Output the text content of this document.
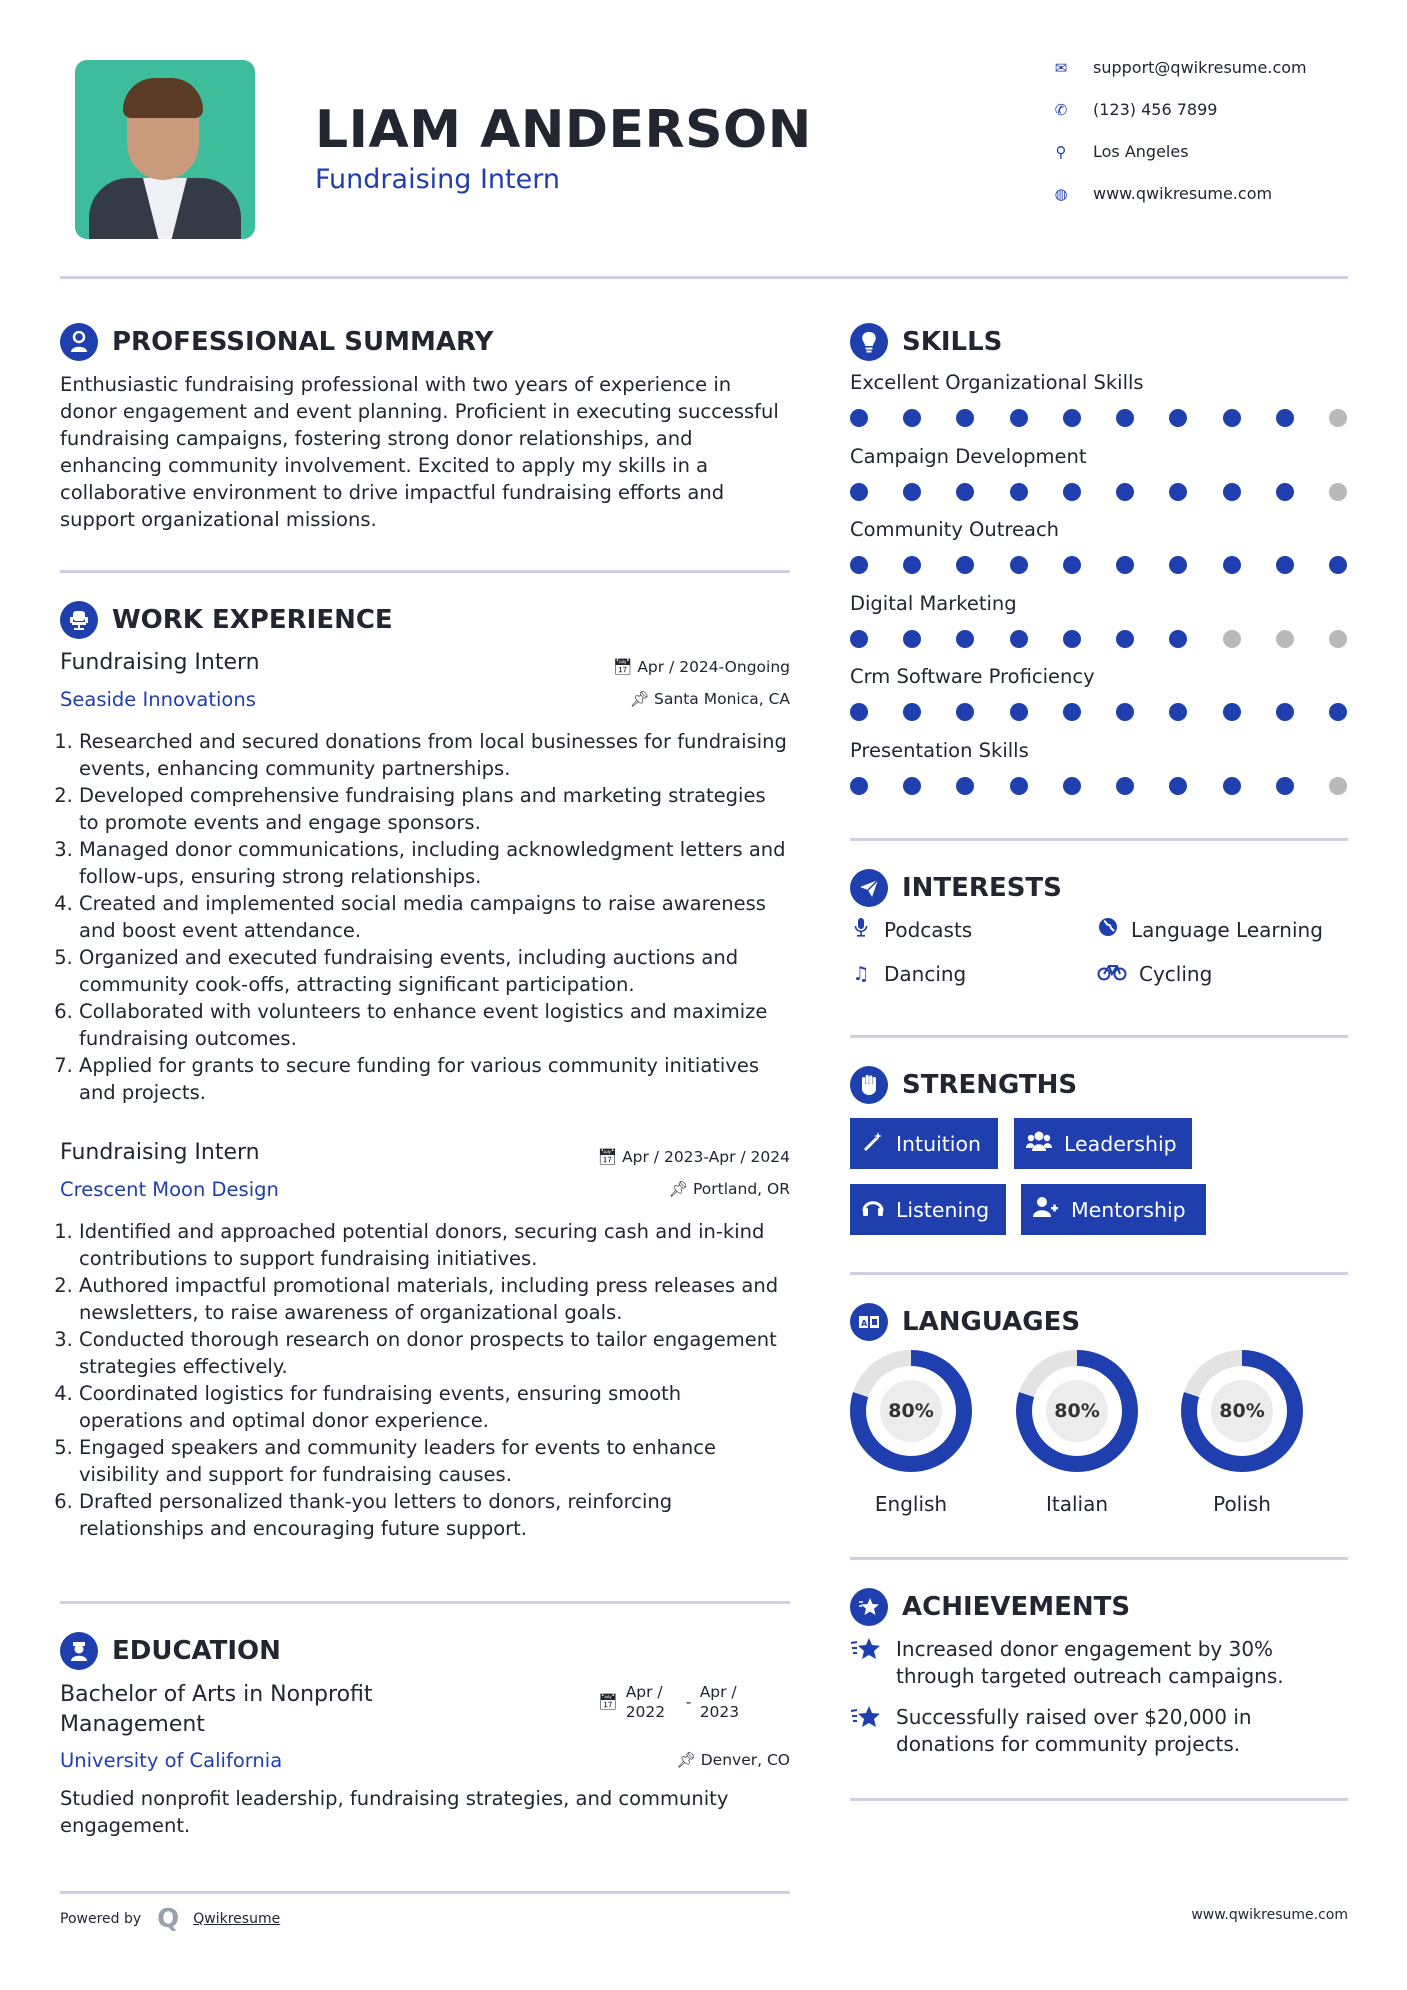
LIAM ANDERSON
Fundraising Intern
✉ support@qwikresume.com
✆ (123) 456 7899
⚲	Los Angeles
◍ www.qwikresume.com
PROFESSIONAL SUMMARY
Enthusiastic fundraising professional with two years of experience in donor engagement and event planning. Proficient in executing successful fundraising campaigns, fostering strong donor relationships, and enhancing community involvement. Excited to apply my skills in a collaborative environment to drive impactful fundraising efforts and support organizational missions.
WORK EXPERIENCE
Fundraising Intern	📅︎ Apr / 2024-Ongoing
Seaside Innovations	📌︎ Santa Monica, CA
1. Researched and secured donations from local businesses for fundraising events, enhancing community partnerships.
2. Developed comprehensive fundraising plans and marketing strategies to promote events and engage sponsors.
3. Managed donor communications, including acknowledgment letters and follow-ups, ensuring strong relationships.
4. Created and implemented social media campaigns to raise awareness and boost event attendance.
5. Organized and executed fundraising events, including auctions and community cook-offs, attracting significant participation.
6. Collaborated with volunteers to enhance event logistics and maximize fundraising outcomes.
7. Applied for grants to secure funding for various community initiatives and projects.
Fundraising Intern	📅︎ Apr / 2023-Apr / 2024
Crescent Moon Design	📌︎ Portland, OR
1. Identified and approached potential donors, securing cash and in-kind contributions to support fundraising initiatives.
2. Authored impactful promotional materials, including press releases and newsletters, to raise awareness of organizational goals.
3. Conducted thorough research on donor prospects to tailor engagement strategies effectively.
4. Coordinated logistics for fundraising events, ensuring smooth operations and optimal donor experience.
5. Engaged speakers and community leaders for events to enhance visibility and support for fundraising causes.
6. Drafted personalized thank-you letters to donors, reinforcing relationships and encouraging future support.
EDUCATION
Bachelor of Arts in Nonprofit Management
📅︎
Apr / 2022
-
Apr / 2023
University of California	📌︎ Denver, CO
Studied nonprofit leadership, fundraising strategies, and community engagement.
Powered by Q Qwikresume	www.qwikresume.com
SKILLS
Excellent Organizational Skills
Campaign Development
Community Outreach
Digital Marketing
Crm Software Proficiency
Presentation Skills
INTERESTS
Podcasts	Language Learning
♫ Dancing	Cycling
STRENGTHS
Intuition	Leadership
Listening	Mentorship
A LANGUAGES
80%
English
80%
Italian
80%
Polish
ACHIEVEMENTS
Increased donor engagement by 30% through targeted outreach campaigns.
Successfully raised over $20,000 in donations for community projects.
